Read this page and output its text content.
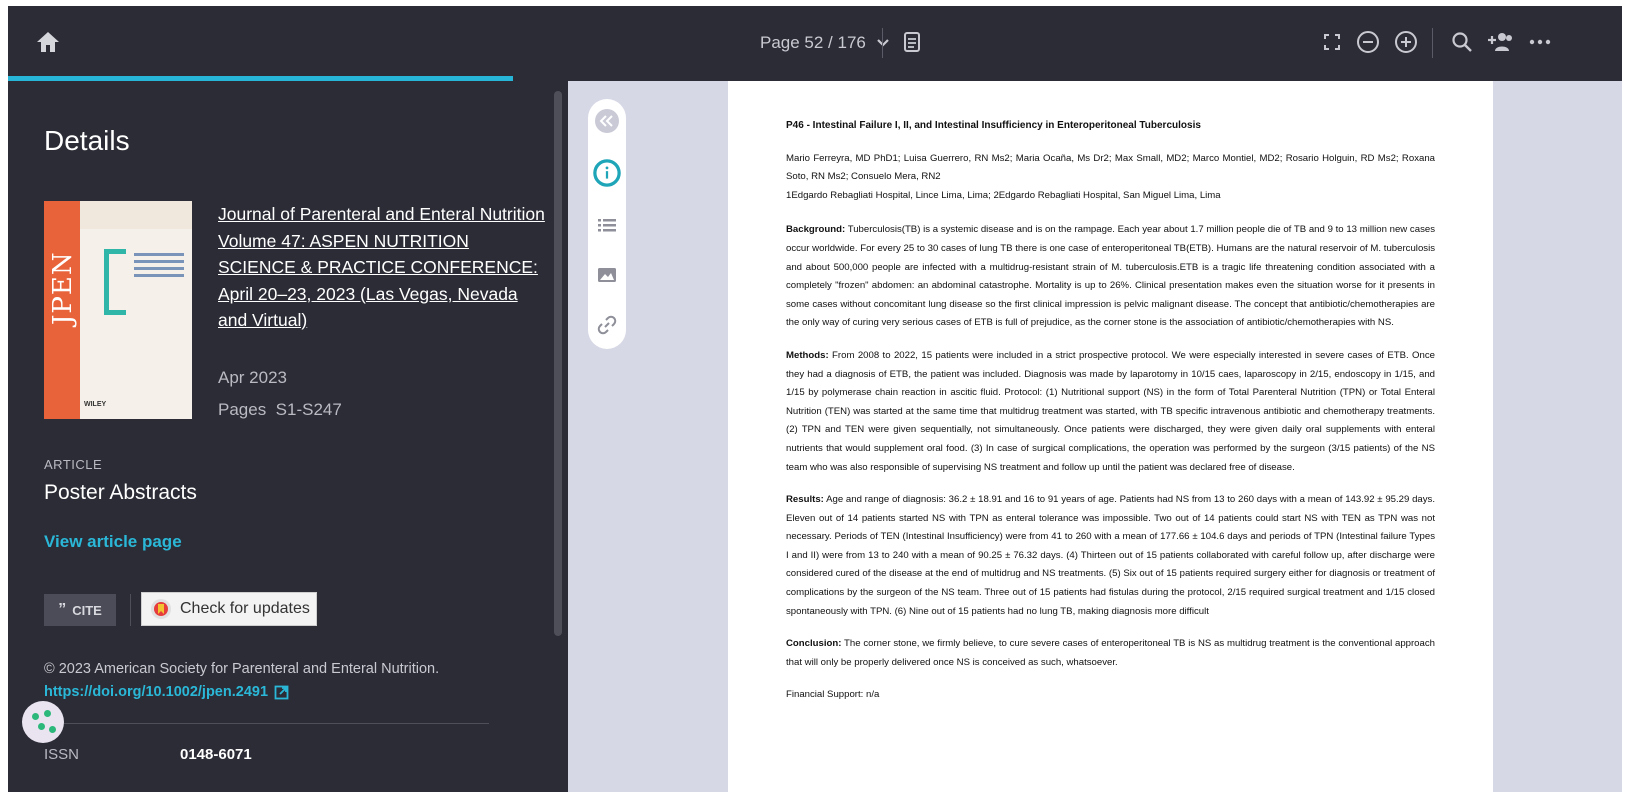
Page 52 / 176
Details
JPEN
WILEY
Journal of Parenteral and Enteral Nutrition
Volume 47: ASPEN NUTRITION SCIENCE & PRACTICE CONFERENCE: April 20–23, 2023 (Las Vegas, Nevada and Virtual)
Apr 2023
Pages S1-S247
ARTICLE
Poster Abstracts
View article page
” CITE	Check for updates
© 2023 American Society for Parenteral and Enteral Nutrition.
https://doi.org/10.1002/jpen.2491
ISSN	0148-6071
P46 - Intestinal Failure I, II, and Intestinal Insufficiency in Enteroperitoneal Tuberculosis

Mario Ferreyra, MD PhD1; Luisa Guerrero, RN Ms2; Maria Ocaña, Ms Dr2; Max Small, MD2; Marco Montiel, MD2; Rosario Holguin, RD Ms2; Roxana Soto, RN Ms2; Consuelo Mera, RN2
1Edgardo Rebagliati Hospital, Lince Lima, Lima; 2Edgardo Rebagliati Hospital, San Miguel Lima, Lima

Background: Tuberculosis(TB) is a systemic disease and is on the rampage. Each year about 1.7 million people die of TB and 9 to 13 million new cases occur worldwide. For every 25 to 30 cases of lung TB there is one case of enteroperitoneal TB(ETB). Humans are the natural reservoir of M. tuberculosis and about 500,000 people are infected with a multidrug-resistant strain of M. tuberculosis.ETB is a tragic life threatening condition associated with a completely "frozen" abdomen: an abdominal catastrophe. Mortality is up to 26%. Clinical presentation makes even the situation worse for it presents in some cases without concomitant lung disease so the first clinical impression is pelvic malignant disease. The concept that antibiotic/chemotherapies are the only way of curing very serious cases of ETB is full of prejudice, as the corner stone is the association of antibiotic/chemotherapies with NS.

Methods: From 2008 to 2022, 15 patients were included in a strict prospective protocol. We were especially interested in severe cases of ETB. Once they had a diagnosis of ETB, the patient was included. Diagnosis was made by laparotomy in 10/15 caes, laparoscopy in 2/15, endoscopy in 1/15, and 1/15 by polymerase chain reaction in ascitic fluid. Protocol: (1) Nutritional support (NS) in the form of Total Parenteral Nutrition (TPN) or Total Enteral Nutrition (TEN) was started at the same time that multidrug treatment was started, with TB specific intravenous antibiotic and chemotherapy treatments. (2) TPN and TEN were given sequentially, not simultaneously. Once patients were discharged, they were given daily oral supplements with enteral nutrients that would supplement oral food. (3) In case of surgical complications, the operation was performed by the surgeon (3/15 patients) of the NS team who was also responsible of supervising NS treatment and follow up until the patient was declared free of disease.

Results: Age and range of diagnosis: 36.2 ± 18.91 and 16 to 91 years of age. Patients had NS from 13 to 260 days with a mean of 143.92 ± 95.29 days. Eleven out of 14 patients started NS with TPN as enteral tolerance was impossible. Two out of 14 patients could start NS with TEN as TPN was not necessary. Periods of TEN (Intestinal Insufficiency) were from 41 to 260 with a mean of 177.66 ± 104.6 days and periods of TPN (Intestinal failure Types I and II) were from 13 to 240 with a mean of 90.25 ± 76.32 days. (4) Thirteen out of 15 patients collaborated with careful follow up, after discharge were considered cured of the disease at the end of multidrug and NS treatments. (5) Six out of 15 patients required surgery either for diagnosis or treatment of complications by the surgeon of the NS team. Three out of 15 patients had fistulas during the protocol, 2/15 required surgical treatment and 1/15 closed spontaneously with TPN. (6) Nine out of 15 patients had no lung TB, making diagnosis more difficult

Conclusion: The corner stone, we firmly believe, to cure severe cases of enteroperitoneal TB is NS as multidrug treatment is the conventional approach that will only be properly delivered once NS is conceived as such, whatsoever.

Financial Support: n/a
